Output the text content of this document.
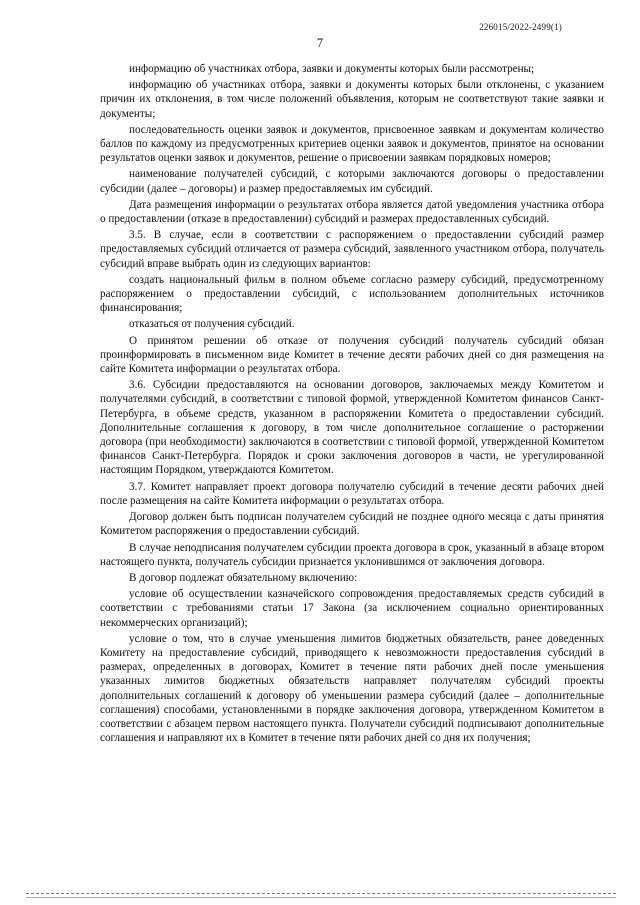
226015/2022-2499(1)
7

информацию об участниках отбора, заявки и документы которых были рассмотрены;

информацию об участниках отбора, заявки и документы которых были отклонены, с указанием причин их отклонения, в том числе положений объявления, которым не соответствуют такие заявки и документы;

последовательность оценки заявок и документов, присвоенное заявкам и документам количество баллов по каждому из предусмотренных критериев оценки заявок и документов, принятое на основании результатов оценки заявок и документов, решение о присвоении заявкам порядковых номеров;

наименование получателей субсидий, с которыми заключаются договоры о предоставлении субсидии (далее – договоры) и размер предоставляемых им субсидий.

Дата размещения информации о результатах отбора является датой уведомления участника отбора о предоставлении (отказе в предоставлении) субсидий и размерах предоставленных субсидий.

3.5. В случае, если в соответствии с распоряжением о предоставлении субсидий размер предоставляемых субсидий отличается от размера субсидий, заявленного участником отбора, получатель субсидий вправе выбрать один из следующих вариантов:

создать национальный фильм в полном объеме согласно размеру субсидий, предусмотренному распоряжением о предоставлении субсидий, с использованием дополнительных источников финансирования;

отказаться от получения субсидий.

О принятом решении об отказе от получения субсидий получатель субсидий обязан проинформировать в письменном виде Комитет в течение десяти рабочих дней со дня размещения на сайте Комитета информации о результатах отбора.

3.6. Субсидии предоставляются на основании договоров, заключаемых между Комитетом и получателями субсидий, в соответствии с типовой формой, утвержденной Комитетом финансов Санкт-Петербурга, в объеме средств, указанном в распоряжении Комитета о предоставлении субсидий. Дополнительные соглашения к договору, в том числе дополнительное соглашение о расторжении договора (при необходимости) заключаются в соответствии с типовой формой, утвержденной Комитетом финансов Санкт-Петербурга. Порядок и сроки заключения договоров в части, не урегулированной настоящим Порядком, утверждаются Комитетом.

3.7. Комитет направляет проект договора получателю субсидий в течение десяти рабочих дней после размещения на сайте Комитета информации о результатах отбора.

Договор должен быть подписан получателем субсидий не позднее одного месяца с даты принятия Комитетом распоряжения о предоставлении субсидий.

В случае неподписания получателем субсидии проекта договора в срок, указанный в абзаце втором настоящего пункта, получатель субсидии признается уклонившимся от заключения договора.

В договор подлежат обязательному включению:

условие об осуществлении казначейского сопровождения предоставляемых средств субсидий в соответствии с требованиями статьи 17 Закона (за исключением социально ориентированных некоммерческих организаций);

условие о том, что в случае уменьшения лимитов бюджетных обязательств, ранее доведенных Комитету на предоставление субсидий, приводящего к невозможности предоставления субсидий в размерах, определенных в договорах, Комитет в течение пяти рабочих дней после уменьшения указанных лимитов бюджетных обязательств направляет получателям субсидий проекты дополнительных соглашений к договору об уменьшении размера субсидий (далее – дополнительные соглашения) способами, установленными в порядке заключения договора, утвержденном Комитетом в соответствии с абзацем первом настоящего пункта. Получатели субсидий подписывают дополнительные соглашения и направляют их в Комитет в течение пяти рабочих дней со дня их получения;
